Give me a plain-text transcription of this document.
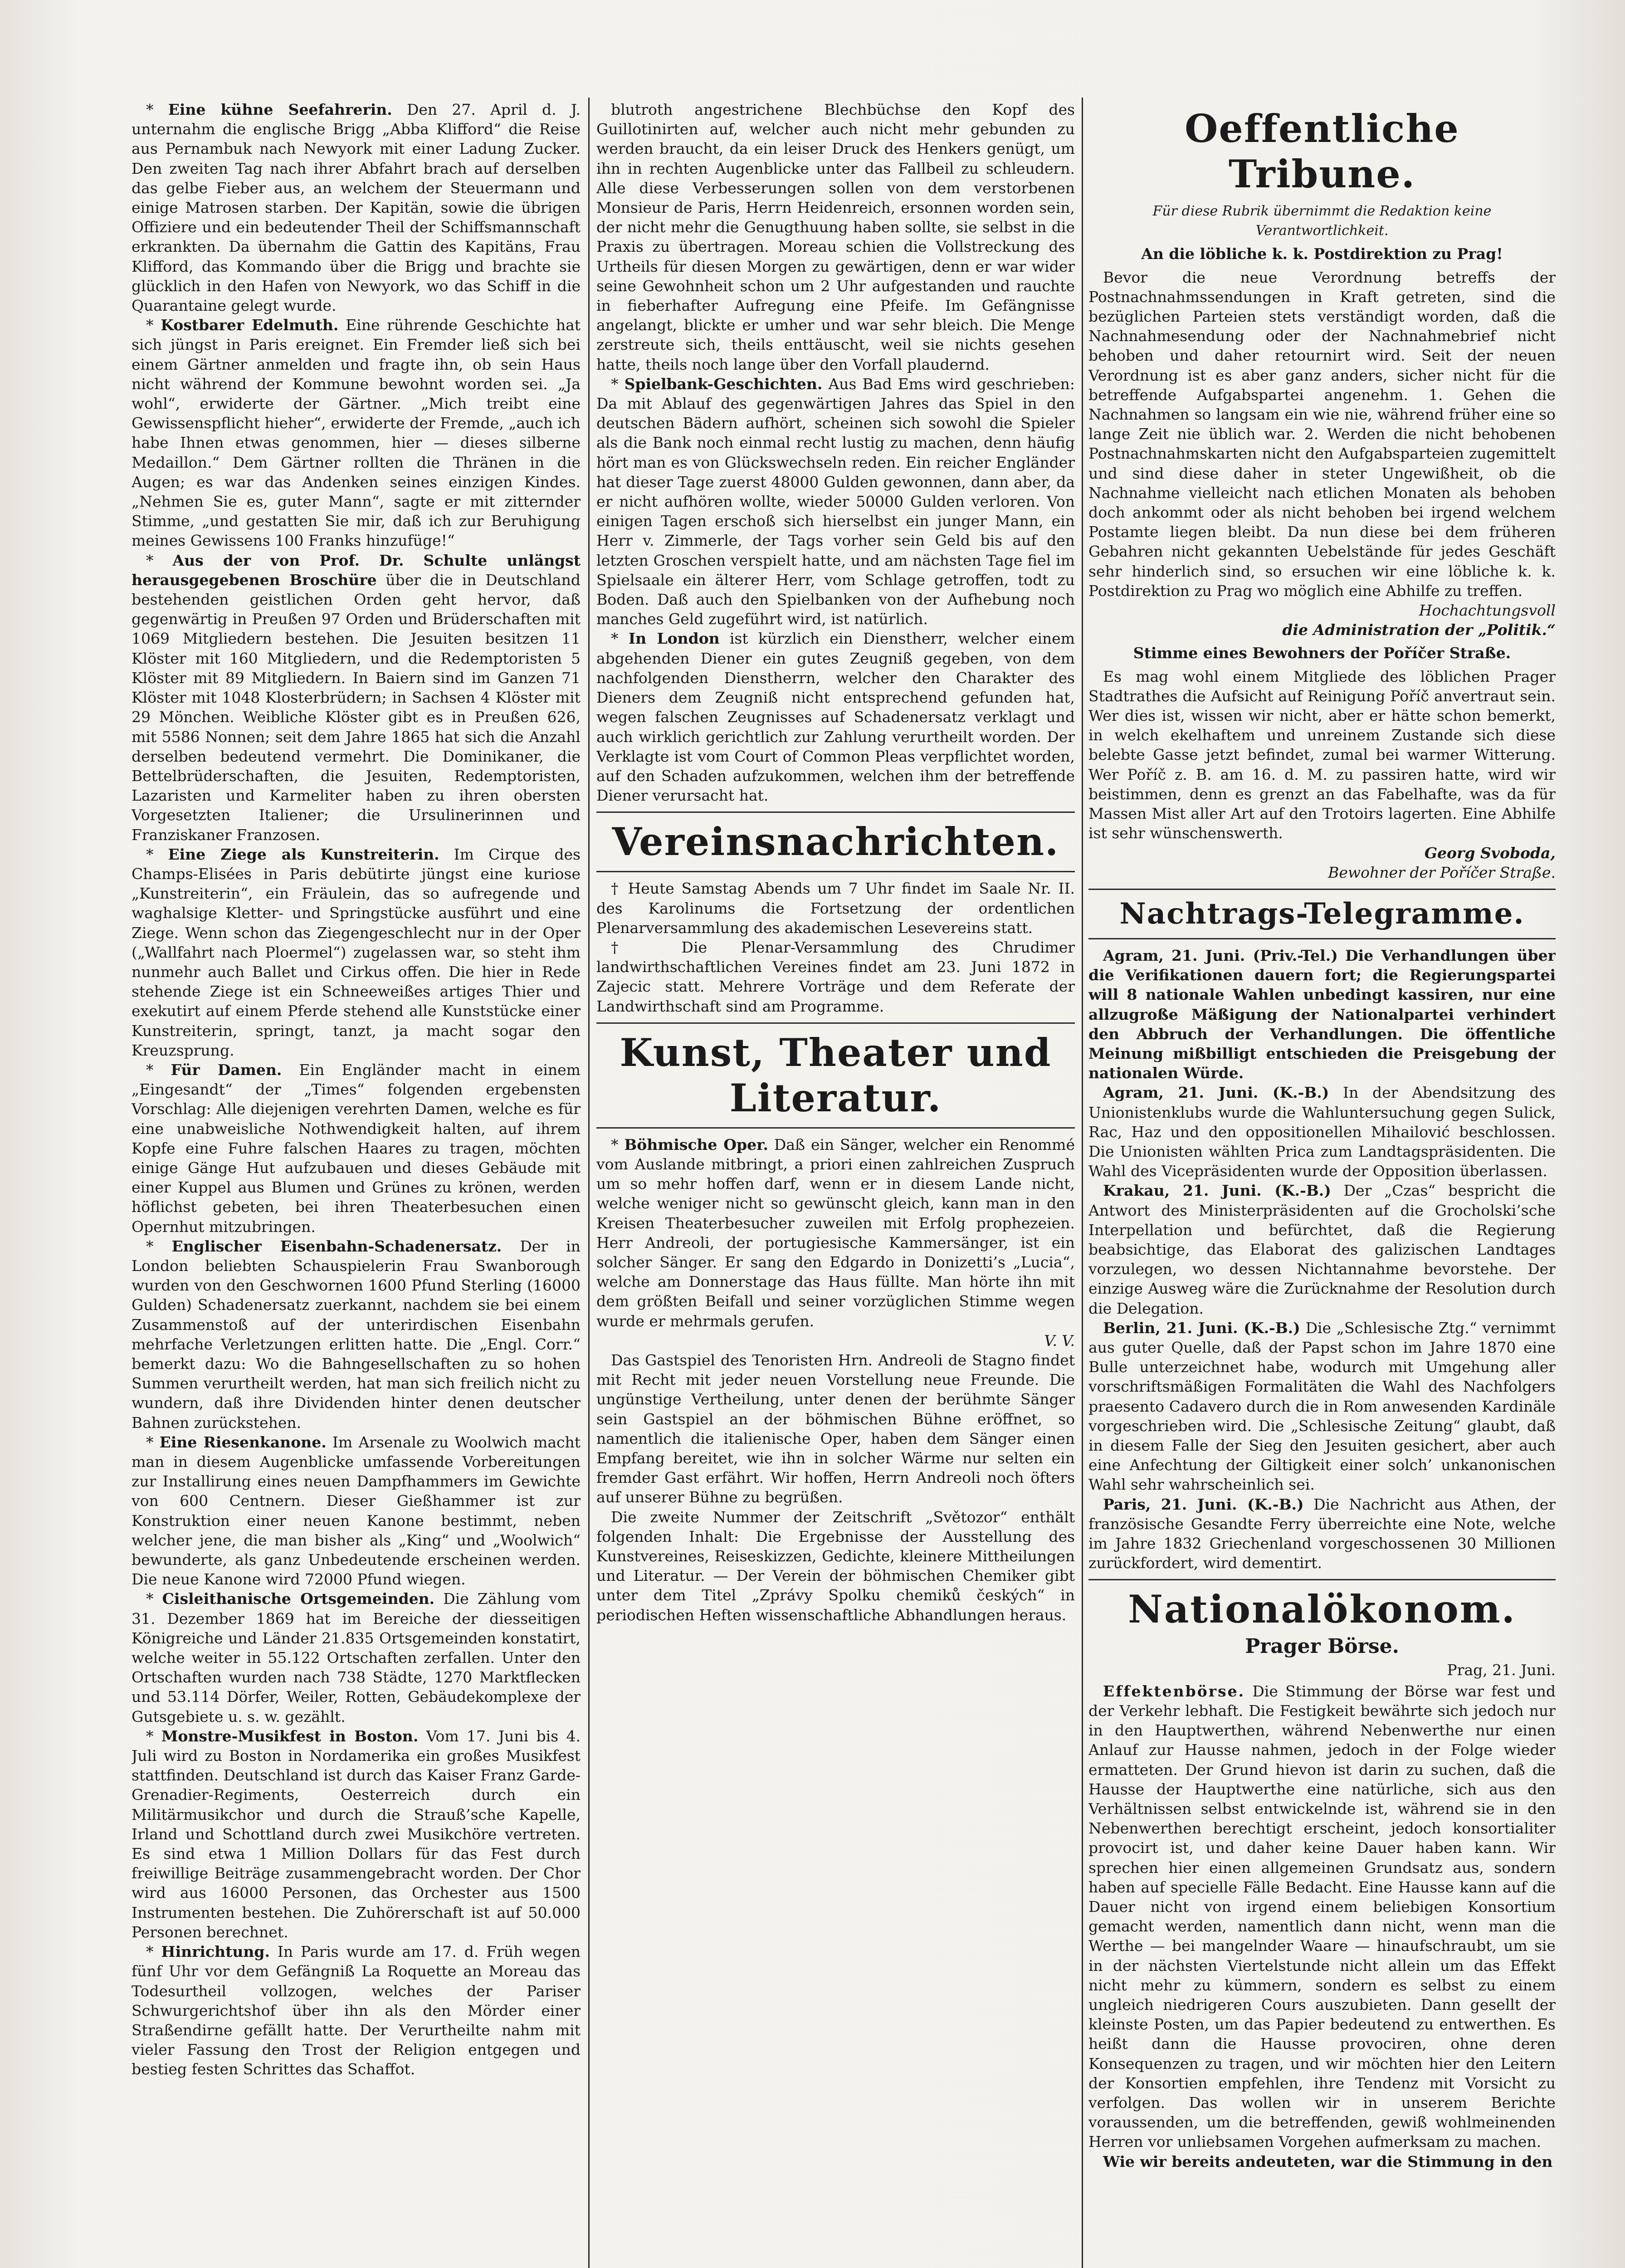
* Eine kühne Seefahrerin. Den 27. April d. J. unternahm die englische Brigg „Abba Klifford“ die Reise aus Pernambuk nach Newyork mit einer Ladung Zucker. Den zweiten Tag nach ihrer Abfahrt brach auf derselben das gelbe Fieber aus, an welchem der Steuermann und einige Matrosen starben. Der Kapitän, sowie die übrigen Offiziere und ein bedeutender Theil der Schiffsmannschaft erkrankten. Da übernahm die Gattin des Kapitäns, Frau Klifford, das Kommando über die Brigg und brachte sie glücklich in den Hafen von Newyork, wo das Schiff in die Quarantaine gelegt wurde.

* Kostbarer Edelmuth. Eine rührende Geschichte hat sich jüngst in Paris ereignet. Ein Fremder ließ sich bei einem Gärtner anmelden und fragte ihn, ob sein Haus nicht während der Kommune bewohnt worden sei. „Ja wohl“, erwiderte der Gärtner. „Mich treibt eine Gewissenspflicht hieher“, erwiderte der Fremde, „auch ich habe Ihnen etwas genommen, hier — dieses silberne Medaillon.“ Dem Gärtner rollten die Thränen in die Augen; es war das Andenken seines einzigen Kindes. „Nehmen Sie es, guter Mann“, sagte er mit zitternder Stimme, „und gestatten Sie mir, daß ich zur Beruhigung meines Gewissens 100 Franks hinzufüge!“

* Aus der von Prof. Dr. Schulte unlängst herausgegebenen Broschüre über die in Deutschland bestehenden geistlichen Orden geht hervor, daß gegenwärtig in Preußen 97 Orden und Brüderschaften mit 1069 Mitgliedern bestehen. Die Jesuiten besitzen 11 Klöster mit 160 Mitgliedern, und die Redemptoristen 5 Klöster mit 89 Mitgliedern. In Baiern sind im Ganzen 71 Klöster mit 1048 Klosterbrüdern; in Sachsen 4 Klöster mit 29 Mönchen. Weibliche Klöster gibt es in Preußen 626, mit 5586 Nonnen; seit dem Jahre 1865 hat sich die Anzahl derselben bedeutend vermehrt. Die Dominikaner, die Bettelbrüderschaften, die Jesuiten, Redemptoristen, Lazaristen und Karmeliter haben zu ihren obersten Vorgesetzten Italiener; die Ursulinerinnen und Franziskaner Franzosen.

* Eine Ziege als Kunstreiterin. Im Cirque des Champs-Elisées in Paris debütirte jüngst eine kuriose „Kunstreiterin“, ein Fräulein, das so aufregende und waghalsige Kletter- und Springstücke ausführt und eine Ziege. Wenn schon das Ziegengeschlecht nur in der Oper („Wallfahrt nach Ploermel“) zugelassen war, so steht ihm nunmehr auch Ballet und Cirkus offen. Die hier in Rede stehende Ziege ist ein Schneeweißes artiges Thier und exekutirt auf einem Pferde stehend alle Kunststücke einer Kunstreiterin, springt, tanzt, ja macht sogar den Kreuzsprung.

* Für Damen. Ein Engländer macht in einem „Eingesandt“ der „Times“ folgenden ergebensten Vorschlag: Alle diejenigen verehrten Damen, welche es für eine unabweisliche Nothwendigkeit halten, auf ihrem Kopfe eine Fuhre falschen Haares zu tragen, möchten einige Gänge Hut aufzubauen und dieses Gebäude mit einer Kuppel aus Blumen und Grünes zu krönen, werden höflichst gebeten, bei ihren Theaterbesuchen einen Opernhut mitzubringen.

* Englischer Eisenbahn-Schadenersatz. Der in London beliebten Schauspielerin Frau Swanborough wurden von den Geschwornen 1600 Pfund Sterling (16000 Gulden) Schadenersatz zuerkannt, nachdem sie bei einem Zusammenstoß auf der unterirdischen Eisenbahn mehrfache Verletzungen erlitten hatte. Die „Engl. Corr.“ bemerkt dazu: Wo die Bahngesellschaften zu so hohen Summen verurtheilt werden, hat man sich freilich nicht zu wundern, daß ihre Dividenden hinter denen deutscher Bahnen zurückstehen.

* Eine Riesenkanone. Im Arsenale zu Woolwich macht man in diesem Augenblicke umfassende Vorbereitungen zur Installirung eines neuen Dampfhammers im Gewichte von 600 Centnern. Dieser Gießhammer ist zur Konstruktion einer neuen Kanone bestimmt, neben welcher jene, die man bisher als „King“ und „Woolwich“ bewunderte, als ganz Unbedeutende erscheinen werden. Die neue Kanone wird 72000 Pfund wiegen.

* Cisleithanische Ortsgemeinden. Die Zählung vom 31. Dezember 1869 hat im Bereiche der diesseitigen Königreiche und Länder 21.835 Ortsgemeinden konstatirt, welche weiter in 55.122 Ortschaften zerfallen. Unter den Ortschaften wurden nach 738 Städte, 1270 Marktflecken und 53.114 Dörfer, Weiler, Rotten, Gebäudekomplexe der Gutsgebiete u. s. w. gezählt.

* Monstre-Musikfest in Boston. Vom 17. Juni bis 4. Juli wird zu Boston in Nordamerika ein großes Musikfest stattfinden. Deutschland ist durch das Kaiser Franz Garde-Grenadier-Regiments, Oesterreich durch ein Militärmusikchor und durch die Strauß’sche Kapelle, Irland und Schottland durch zwei Musikchöre vertreten. Es sind etwa 1 Million Dollars für das Fest durch freiwillige Beiträge zusammengebracht worden. Der Chor wird aus 16000 Personen, das Orchester aus 1500 Instrumenten bestehen. Die Zuhörerschaft ist auf 50.000 Personen berechnet.

* Hinrichtung. In Paris wurde am 17. d. Früh wegen fünf Uhr vor dem Gefängniß La Roquette an Moreau das Todesurtheil vollzogen, welches der Pariser Schwurgerichtshof über ihn als den Mörder einer Straßendirne gefällt hatte. Der Verurtheilte nahm mit vieler Fassung den Trost der Religion entgegen und bestieg festen Schrittes das Schaffot.

blutroth angestrichene Blechbüchse den Kopf des Guillotinirten auf, welcher auch nicht mehr gebunden zu werden braucht, da ein leiser Druck des Henkers genügt, um ihn in rechten Augenblicke unter das Fallbeil zu schleudern. Alle diese Verbesserungen sollen von dem verstorbenen Monsieur de Paris, Herrn Heidenreich, ersonnen worden sein, der nicht mehr die Genugthuung haben sollte, sie selbst in die Praxis zu übertragen. Moreau schien die Vollstreckung des Urtheils für diesen Morgen zu gewärtigen, denn er war wider seine Gewohnheit schon um 2 Uhr aufgestanden und rauchte in fieberhafter Aufregung eine Pfeife. Im Gefängnisse angelangt, blickte er umher und war sehr bleich. Die Menge zerstreute sich, theils enttäuscht, weil sie nichts gesehen hatte, theils noch lange über den Vorfall plaudernd.

* Spielbank-Geschichten. Aus Bad Ems wird geschrieben: Da mit Ablauf des gegenwärtigen Jahres das Spiel in den deutschen Bädern aufhört, scheinen sich sowohl die Spieler als die Bank noch einmal recht lustig zu machen, denn häufig hört man es von Glückswechseln reden. Ein reicher Engländer hat dieser Tage zuerst 48000 Gulden gewonnen, dann aber, da er nicht aufhören wollte, wieder 50000 Gulden verloren. Von einigen Tagen erschoß sich hierselbst ein junger Mann, ein Herr v. Zimmerle, der Tags vorher sein Geld bis auf den letzten Groschen verspielt hatte, und am nächsten Tage fiel im Spielsaale ein älterer Herr, vom Schlage getroffen, todt zu Boden. Daß auch den Spielbanken von der Aufhebung noch manches Geld zugeführt wird, ist natürlich.

* In London ist kürzlich ein Dienstherr, welcher einem abgehenden Diener ein gutes Zeugniß gegeben, von dem nachfolgenden Dienstherrn, welcher den Charakter des Dieners dem Zeugniß nicht entsprechend gefunden hat, wegen falschen Zeugnisses auf Schadenersatz verklagt und auch wirklich gerichtlich zur Zahlung verurtheilt worden. Der Verklagte ist vom Court of Common Pleas verpflichtet worden, auf den Schaden aufzukommen, welchen ihm der betreffende Diener verursacht hat.

Vereinsnachrichten.

† Heute Samstag Abends um 7 Uhr findet im Saale Nr. II. des Karolinums die Fortsetzung der ordentlichen Plenarversammlung des akademischen Lesevereins statt.

† Die Plenar-Versammlung des Chrudimer landwirthschaftlichen Vereines findet am 23. Juni 1872 in Zajecic statt. Mehrere Vorträge und dem Referate der Landwirthschaft sind am Programme.

Kunst, Theater und Literatur.

* Böhmische Oper. Daß ein Sänger, welcher ein Renommé vom Auslande mitbringt, a priori einen zahlreichen Zuspruch um so mehr hoffen darf, wenn er in diesem Lande nicht, welche weniger nicht so gewünscht gleich, kann man in den Kreisen Theaterbesucher zuweilen mit Erfolg prophezeien. Herr Andreoli, der portugiesische Kammersänger, ist ein solcher Sänger. Er sang den Edgardo in Donizetti’s „Lucia“, welche am Donnerstage das Haus füllte. Man hörte ihn mit dem größten Beifall und seiner vorzüglichen Stimme wegen wurde er mehrmals gerufen.

V. V.

Das Gastspiel des Tenoristen Hrn. Andreoli de Stagno findet mit Recht mit jeder neuen Vorstellung neue Freunde. Die ungünstige Vertheilung, unter denen der berühmte Sänger sein Gastspiel an der böhmischen Bühne eröffnet, so namentlich die italienische Oper, haben dem Sänger einen Empfang bereitet, wie ihn in solcher Wärme nur selten ein fremder Gast erfährt. Wir hoffen, Herrn Andreoli noch öfters auf unserer Bühne zu begrüßen.

Die zweite Nummer der Zeitschrift „Světozor“ enthält folgenden Inhalt: Die Ergebnisse der Ausstellung des Kunstvereines, Reiseskizzen, Gedichte, kleinere Mittheilungen und Literatur. — Der Verein der böhmischen Chemiker gibt unter dem Titel „Zprávy Spolku chemiků českých“ in periodischen Heften wissenschaftliche Abhandlungen heraus.

Oeffentliche Tribune.
Für diese Rubrik übernimmt die Redaktion keine Verantwortlichkeit.
An die löbliche k. k. Postdirektion zu Prag!

Bevor die neue Verordnung betreffs der Postnachnahmssendungen in Kraft getreten, sind die bezüglichen Parteien stets verständigt worden, daß die Nachnahmesendung oder der Nachnahmebrief nicht behoben und daher retournirt wird. Seit der neuen Verordnung ist es aber ganz anders, sicher nicht für die betreffende Aufgabspartei angenehm. 1. Gehen die Nachnahmen so langsam ein wie nie, während früher eine so lange Zeit nie üblich war. 2. Werden die nicht behobenen Postnachnahmskarten nicht den Aufgabsparteien zugemittelt und sind diese daher in steter Ungewißheit, ob die Nachnahme vielleicht nach etlichen Monaten als behoben doch ankommt oder als nicht behoben bei irgend welchem Postamte liegen bleibt. Da nun diese bei dem früheren Gebahren nicht gekannten Uebelstände für jedes Geschäft sehr hinderlich sind, so ersuchen wir eine löbliche k. k. Postdirektion zu Prag wo möglich eine Abhilfe zu treffen.

Hochachtungsvoll
die Administration der „Politik.“
Stimme eines Bewohners der Poříčer Straße.

Es mag wohl einem Mitgliede des löblichen Prager Stadtrathes die Aufsicht auf Reinigung Poříč anvertraut sein. Wer dies ist, wissen wir nicht, aber er hätte schon bemerkt, in welch ekelhaftem und unreinem Zustande sich diese belebte Gasse jetzt befindet, zumal bei warmer Witterung. Wer Poříč z. B. am 16. d. M. zu passiren hatte, wird wir beistimmen, denn es grenzt an das Fabelhafte, was da für Massen Mist aller Art auf den Trotoirs lagerten. Eine Abhilfe ist sehr wünschenswerth.

Georg Svoboda,
Bewohner der Poříčer Straße.
Nachtrags-Telegramme.

Agram, 21. Juni. (Priv.-Tel.) Die Verhandlungen über die Verifikationen dauern fort; die Regierungspartei will 8 nationale Wahlen unbedingt kassiren, nur eine allzugroße Mäßigung der Nationalpartei verhindert den Abbruch der Verhandlungen. Die öffentliche Meinung mißbilligt entschieden die Preisgebung der nationalen Würde.

Agram, 21. Juni. (K.-B.) In der Abendsitzung des Unionistenklubs wurde die Wahluntersuchung gegen Sulick, Rac, Haz und den oppositionellen Mihailović beschlossen. Die Unionisten wählten Prica zum Landtagspräsidenten. Die Wahl des Vicepräsidenten wurde der Opposition überlassen.

Krakau, 21. Juni. (K.-B.) Der „Czas“ bespricht die Antwort des Ministerpräsidenten auf die Grocholski’sche Interpellation und befürchtet, daß die Regierung beabsichtige, das Elaborat des galizischen Landtages vorzulegen, wo dessen Nichtannahme bevorstehe. Der einzige Ausweg wäre die Zurücknahme der Resolution durch die Delegation.

Berlin, 21. Juni. (K.-B.) Die „Schlesische Ztg.“ vernimmt aus guter Quelle, daß der Papst schon im Jahre 1870 eine Bulle unterzeichnet habe, wodurch mit Umgehung aller vorschriftsmäßigen Formalitäten die Wahl des Nachfolgers praesento Cadavero durch die in Rom anwesenden Kardinäle vorgeschrieben wird. Die „Schlesische Zeitung“ glaubt, daß in diesem Falle der Sieg den Jesuiten gesichert, aber auch eine Anfechtung der Giltigkeit einer solch’ unkanonischen Wahl sehr wahrscheinlich sei.

Paris, 21. Juni. (K.-B.) Die Nachricht aus Athen, der französische Gesandte Ferry überreichte eine Note, welche im Jahre 1832 Griechenland vorgeschossenen 30 Millionen zurückfordert, wird dementirt.

Nationalökonom.
Prager Börse.
Prag, 21. Juni.

Effektenbörse. Die Stimmung der Börse war fest und der Verkehr lebhaft. Die Festigkeit bewährte sich jedoch nur in den Hauptwerthen, während Nebenwerthe nur einen Anlauf zur Hausse nahmen, jedoch in der Folge wieder ermatteten. Der Grund hievon ist darin zu suchen, daß die Hausse der Hauptwerthe eine natürliche, sich aus den Verhältnissen selbst entwickelnde ist, während sie in den Nebenwerthen berechtigt erscheint, jedoch konsortialiter provocirt ist, und daher keine Dauer haben kann. Wir sprechen hier einen allgemeinen Grundsatz aus, sondern haben auf specielle Fälle Bedacht. Eine Hausse kann auf die Dauer nicht von irgend einem beliebigen Konsortium gemacht werden, namentlich dann nicht, wenn man die Werthe — bei mangelnder Waare — hinaufschraubt, um sie in der nächsten Viertelstunde nicht allein um das Effekt nicht mehr zu kümmern, sondern es selbst zu einem ungleich niedrigeren Cours auszubieten. Dann gesellt der kleinste Posten, um das Papier bedeutend zu entwerthen. Es heißt dann die Hausse provociren, ohne deren Konsequenzen zu tragen, und wir möchten hier den Leitern der Konsortien empfehlen, ihre Tendenz mit Vorsicht zu verfolgen. Das wollen wir in unserem Berichte voraussenden, um die betreffenden, gewiß wohlmeinenden Herren vor unliebsamen Vorgehen aufmerksam zu machen.

Wie wir bereits andeuteten, war die Stimmung in den
